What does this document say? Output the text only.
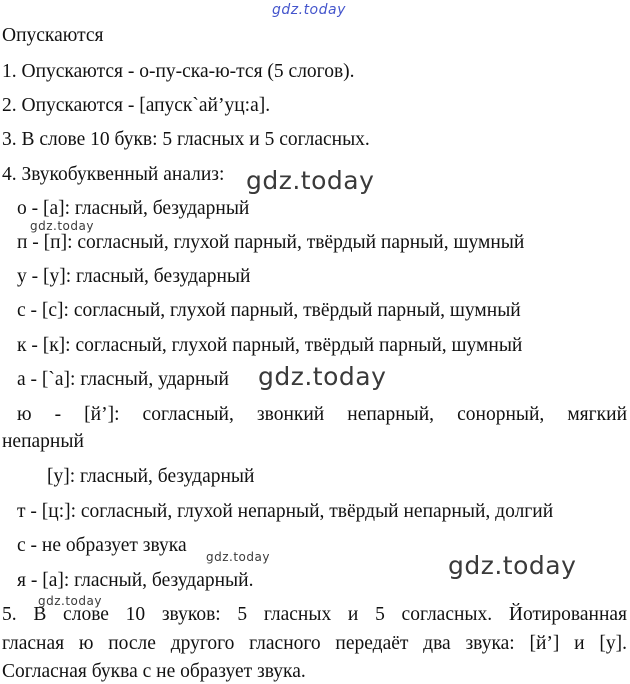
gdz.today
Опускаются
1. Опускаются - о-пу-ска-ю-тся (5 слогов).
2. Опускаются - [апуск`ай’уц:а].
3. В слове 10 букв: 5 гласных и 5 согласных.
4. Звукобуквенный анализ: gdz.today
о - [а]: гласный, безударный
gdz.today
п - [п]: согласный, глухой парный, твёрдый парный, шумный
у - [у]: гласный, безударный
с - [с]: согласный, глухой парный, твёрдый парный, шумный
к - [к]: согласный, глухой парный, твёрдый парный, шумный
а - [`а]: гласный, ударный gdz.today
ю - [й’]: согласный, звонкий непарный, сонорный, мягкий
непарный
[у]: гласный, безударный
т - [ц:]: согласный, глухой непарный, твёрдый непарный, долгий
с - не образует звука
gdz.today	gdz.today
я - [а]: гласный, безударный.
gdz.today
5. В слове 10 звуков: 5 гласных и 5 согласных. Йотированная
гласная ю после другого гласного передаёт два звука: [й’] и [у].
Согласная буква с не образует звука.
